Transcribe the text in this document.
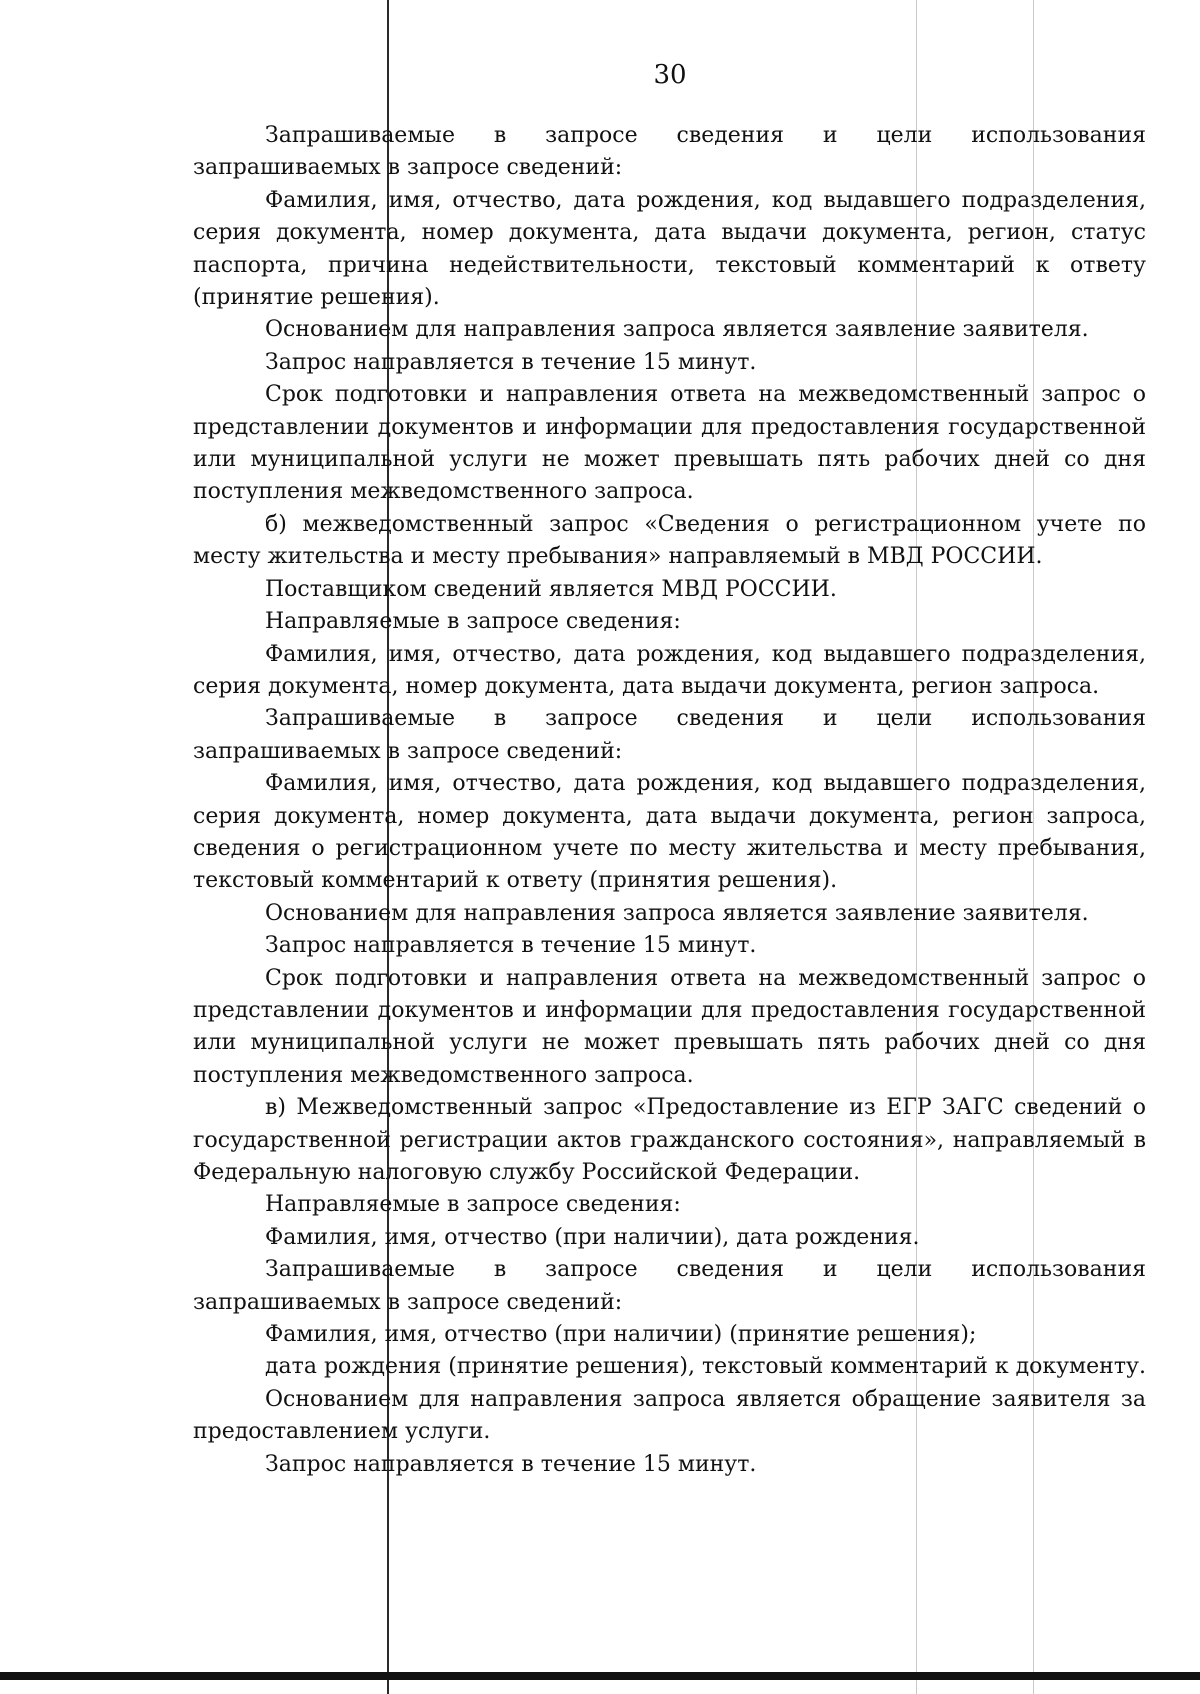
30

Запрашиваемые в запросе сведения и цели использования запрашиваемых в запросе сведений:

Фамилия, имя, отчество, дата рождения, код выдавшего подразделения, серия документа, номер документа, дата выдачи документа, регион, статус паспорта, причина недействительности, текстовый комментарий к ответу (принятие решения).

Основанием для направления запроса является заявление заявителя.

Запрос направляется в течение 15 минут.

Срок подготовки и направления ответа на межведомственный запрос о представлении документов и информации для предоставления государственной или муниципальной услуги не может превышать пять рабочих дней со дня поступления межведомственного запроса.

б) межведомственный запрос «Сведения о регистрационном учете по месту жительства и месту пребывания» направляемый в МВД РОССИИ.

Поставщиком сведений является МВД РОССИИ.

Направляемые в запросе сведения:

Фамилия, имя, отчество, дата рождения, код выдавшего подразделения, серия документа, номер документа, дата выдачи документа, регион запроса.

Запрашиваемые в запросе сведения и цели использования запрашиваемых в запросе сведений:

Фамилия, имя, отчество, дата рождения, код выдавшего подразделения, серия документа, номер документа, дата выдачи документа, регион запроса, сведения о регистрационном учете по месту жительства и месту пребывания, текстовый комментарий к ответу (принятия решения).

Основанием для направления запроса является заявление заявителя.

Запрос направляется в течение 15 минут.

Срок подготовки и направления ответа на межведомственный запрос о представлении документов и информации для предоставления государственной или муниципальной услуги не может превышать пять рабочих дней со дня поступления межведомственного запроса.

в) Межведомственный запрос «Предоставление из ЕГР ЗАГС сведений о государственной регистрации актов гражданского состояния», направляемый в Федеральную налоговую службу Российской Федерации.

Направляемые в запросе сведения:

Фамилия, имя, отчество (при наличии), дата рождения.

Запрашиваемые в запросе сведения и цели использования запрашиваемых в запросе сведений:

Фамилия, имя, отчество (при наличии) (принятие решения);

дата рождения (принятие решения), текстовый комментарий к документу.

Основанием для направления запроса является обращение заявителя за предоставлением услуги.

Запрос направляется в течение 15 минут.
